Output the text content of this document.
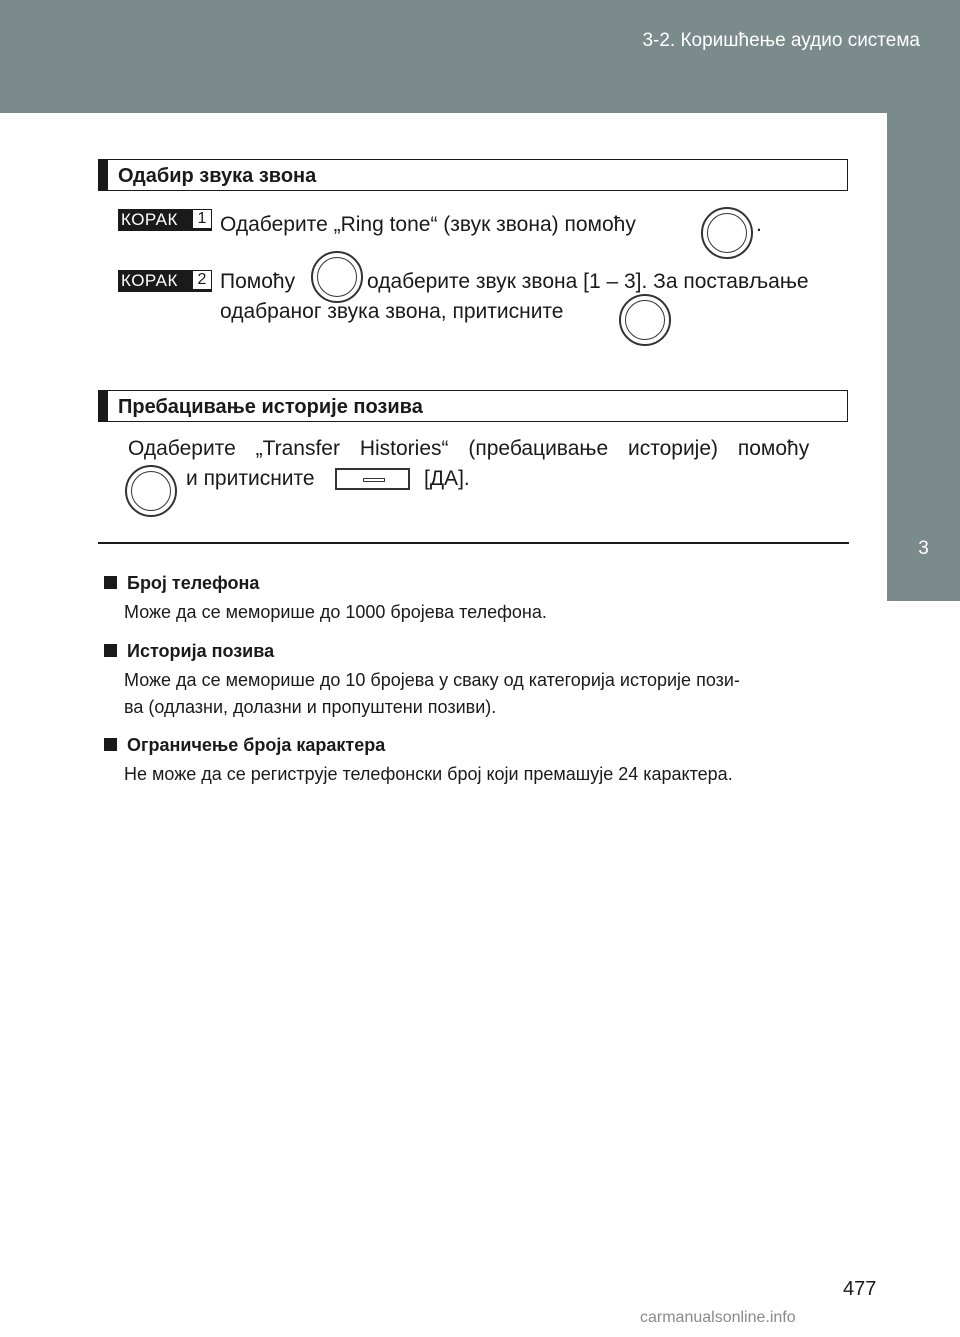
3-2. Коришћење аудио система
3
Унутрашњи уређаји
Одабир звука звона
КОРАК 1 Одаберите „Ring tone“ (звук звона) помоћу	.
КОРАК 2 Помоћу	одаберите звук звона [1 – 3]. За постављање
одабраног звука звона, притисните
Пребацивање историје позива
Одаберите „Transfer Histories“ (пребацивање историје) помоћу
и притисните	[ДА].
Број телефона
Може да се меморише до 1000 бројева телефона.
Историја позива
Може да се меморише до 10 бројева у сваку од категорија историје пози-
ва (одлазни, долазни и пропуштени позиви).
Ограничење броја карактера
Не може да се региструје телефонски број који премашује 24 карактера.
477
carmanualsonline.info
